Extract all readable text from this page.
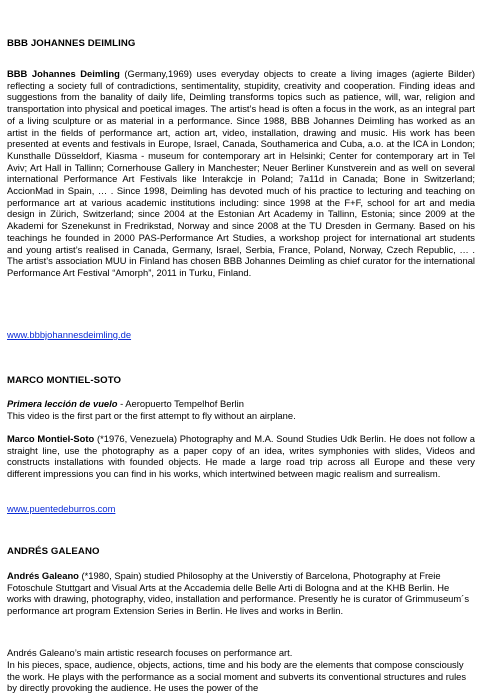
BBB JOHANNES DEIMLING

BBB Johannes Deimling (Germany,1969) uses everyday objects to create a living images (agierte Bilder) reflecting a society full of contradictions, sentimentality, stupidity, creativity and cooperation. Finding ideas and suggestions from the banality of daily life, Deimling transforms topics such as patience, will, war, religion and transportation into physical and poetical images. The artist’s head is often a focus in the work, as an integral part of a living sculpture or as material in a performance. Since 1988, BBB Johannes Deimling has worked as an artist in the fields of performance art, action art, video, installation, drawing and music. His work has been presented at events and festivals in Europe, Israel, Canada, Southamerica and Cuba, a.o. at the ICA in London; Kunsthalle Düsseldorf, Kiasma - museum for contemporary art in Helsinki; Center for contemporary art in Tel Aviv; Art Hall in Tallinn; Cornerhouse Gallery in Manchester; Neuer Berliner Kunstverein and as well on several international Performance Art Festivals like Interakcje in Poland; 7a11d in Canada; Bone in Switzerland; AccionMad in Spain, … . Since 1998, Deimling has devoted much of his practice to lecturing and teaching on performance art at various academic institutions including: since 1998 at the F+F, school for art and media design in Zürich, Switzerland; since 2004 at the Estonian Art Academy in Tallinn, Estonia; since 2009 at the Akademi for Szenekunst in Fredrikstad, Norway and since 2008 at the TU Dresden in Germany. Based on his teachings he founded in 2000 PAS-Performance Art Studies, a workshop project for international art students and young artist’s realised in Canada, Germany, Israel, Serbia, France, Poland, Norway, Czech Republic, … . The artist’s association MUU in Finland has chosen BBB Johannes Deimling as chief curator for the international Performance Art Festival “Amorph”, 2011 in Turku, Finland.

www.bbbjohannesdeimling.de
MARCO MONTIEL-SOTO

Primera lección de vuelo - Aeropuerto Tempelhof Berlin

This video is the first part or the first attempt to fly without an airplane.

Marco Montiel-Soto (*1976, Venezuela) Photography and M.A. Sound Studies Udk Berlin. He does not follow a straight line, use the photography as a paper copy of an idea, writes symphonies with slides, Videos and constructs installations with founded objects. He made a large road trip across all Europe and these very different impressions you can find in his works, which intertwined between magic realism and surrealism.

www.puentedeburros.com
ANDRÉS GALEANO

Andrés Galeano (*1980, Spain) studied Philosophy at the Universtiy of Barcelona, Photography at Freie Fotoschule Stuttgart and Visual Arts at the Accademia delle Belle Arti di Bologna and at the KHB Berlin. He works with drawing, photography, video, installation and performance. Presently he is curator of Grimmuseum´s performance art program Extension Series in Berlin. He lives and works in Berlin.

Andrés Galeano’s main artistic research focuses on performance art.

In his pieces, space, audience, objects, actions, time and his body are the elements that compose consciously the work. He plays with the performance as a social moment and subverts its conventional structures and rules by directly provoking the audience. He uses the power of the
